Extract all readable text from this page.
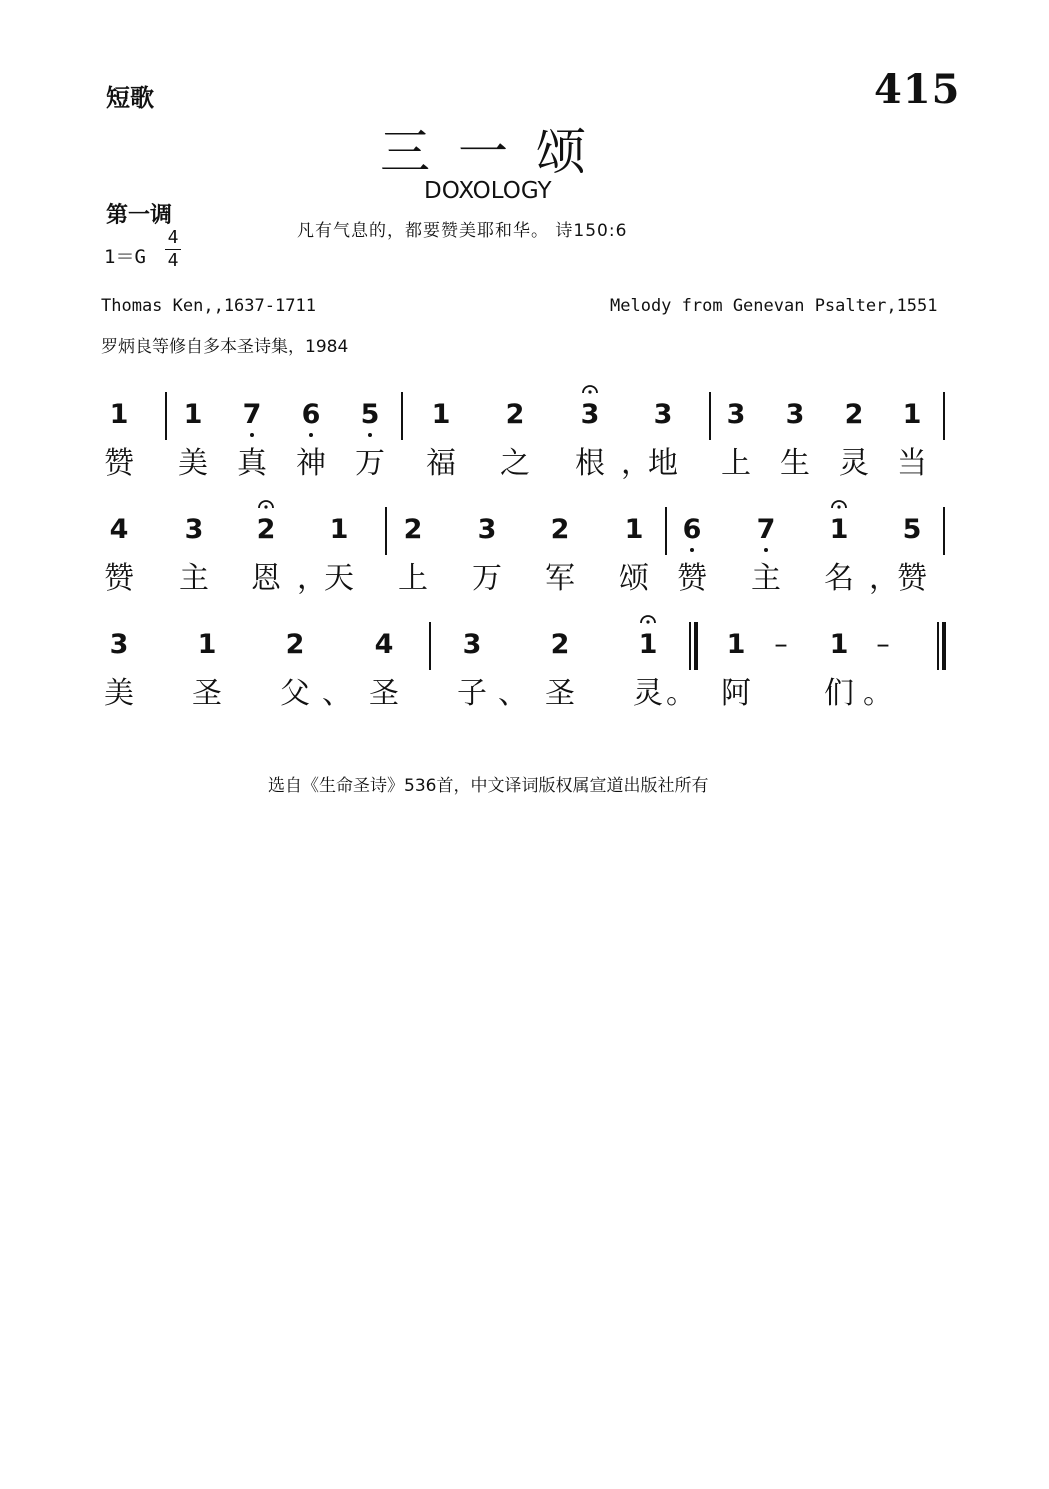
短歌	415
三一颂
DOXOLOGY
第一调
凡有气息的，都要赞美耶和华。 诗150:6
1＝G
4
4
Thomas Ken,,1637-1711	Melody from Genevan Psalter,1551
罗炳良等修自多本圣诗集，1984
1	1	7	6	5	1	2	3	3	3	3	2	1
赞 美 真 神 万 福 之 根 地 上 生 灵 当
，
4	3	2	1	2	3	2	1	6	7	1	5
赞 主 恩 天 上 万 军 颂 赞 主 名 赞
，	，
3	1	2	4	3	2	1	1	–	1	–
美 圣 父 圣 子 圣 灵 阿 们
、	、	。	。
选自《生命圣诗》536首，中文译词版权属宣道出版社所有
